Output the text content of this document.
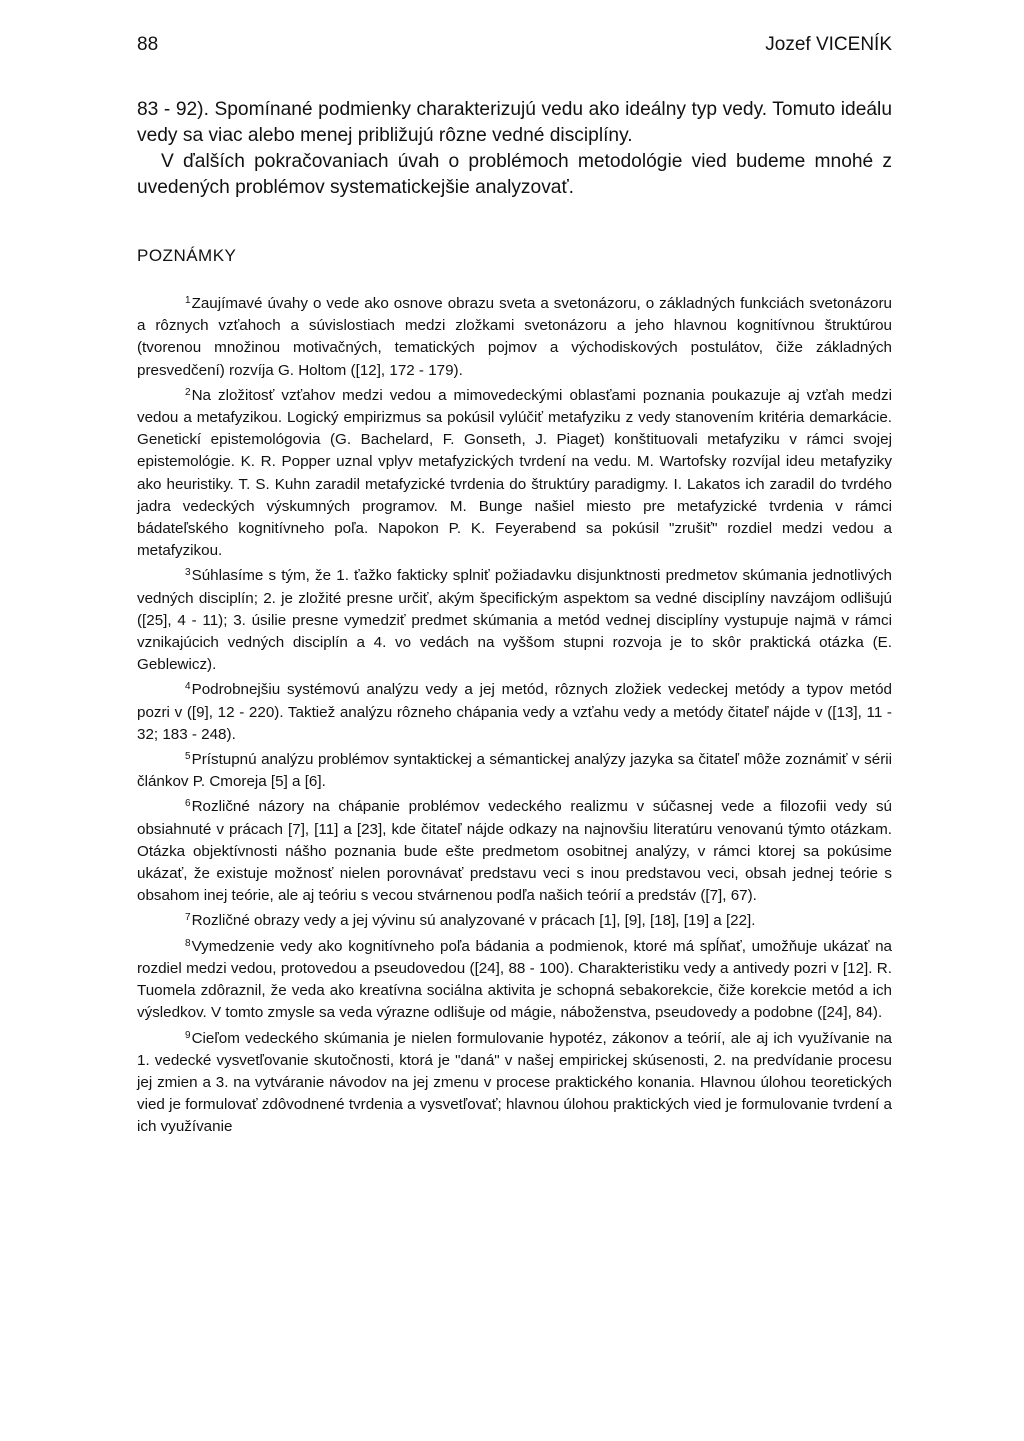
88	Jozef VICENÍK

83 - 92). Spomínané podmienky charakterizujú vedu ako ideálny typ vedy. Tomuto ideálu vedy sa viac alebo menej približujú rôzne vedné disciplíny.

V ďalších pokračovaniach úvah o problémoch metodológie vied budeme mnohé z uvedených problémov systematickejšie analyzovať.

POZNÁMKY

$^1$Zaujímavé úvahy o vede ako osnove obrazu sveta a svetonázoru, o základných funkciách svetonázoru a rôznych vzťahoch a súvislostiach medzi zložkami svetonázoru a jeho hlavnou kognitívnou štruktúrou (tvorenou množinou motivačných, tematických pojmov a východiskových postulátov, čiže základných presvedčení) rozvíja G. Holtom ([12], 172 - 179).

$^2$Na zložitosť vzťahov medzi vedou a mimovedeckými oblasťami poznania poukazuje aj vzťah medzi vedou a metafyzikou. Logický empirizmus sa pokúsil vylúčiť metafyziku z vedy stanovením kritéria demarkácie. Genetickí epistemológovia (G. Bachelard, F. Gonseth, J. Piaget) konštituovali metafyziku v rámci svojej epistemológie. K. R. Popper uznal vplyv metafyzických tvrdení na vedu. M. Wartofsky rozvíjal ideu metafyziky ako heuristiky. T. S. Kuhn zaradil metafyzické tvrdenia do štruktúry paradigmy. I. Lakatos ich zaradil do tvrdého jadra vedeckých výskumných programov. M. Bunge našiel miesto pre metafyzické tvrdenia v rámci bádateľského kognitívneho poľa. Napokon P. K. Feyerabend sa pokúsil "zrušiť" rozdiel medzi vedou a metafyzikou.

$^3$Súhlasíme s tým, že 1. ťažko fakticky splniť požiadavku disjunktnosti predmetov skúmania jednotlivých vedných disciplín; 2. je zložité presne určiť, akým špecifickým aspektom sa vedné disciplíny navzájom odlišujú ([25], 4 - 11); 3. úsilie presne vymedziť predmet skúmania a metód vednej disciplíny vystupuje najmä v rámci vznikajúcich vedných disciplín a 4. vo vedách na vyššom stupni rozvoja je to skôr praktická otázka (E. Geblewicz).

$^4$Podrobnejšiu systémovú analýzu vedy a jej metód, rôznych zložiek vedeckej metódy a typov metód pozri v ([9], 12 - 220). Taktiež analýzu rôzneho chápania vedy a vzťahu vedy a metódy čitateľ nájde v ([13], 11 - 32; 183 - 248).

$^5$Prístupnú analýzu problémov syntaktickej a sémantickej analýzy jazyka sa čitateľ môže zoznámiť v sérii článkov P. Cmoreja [5] a [6].

$^6$Rozličné názory na chápanie problémov vedeckého realizmu v súčasnej vede a filozofii vedy sú obsiahnuté v prácach [7], [11] a [23], kde čitateľ nájde odkazy na najnovšiu literatúru venovanú týmto otázkam. Otázka objektívnosti nášho poznania bude ešte predmetom osobitnej analýzy, v rámci ktorej sa pokúsime ukázať, že existuje možnosť nielen porovnávať predstavu veci s inou predstavou veci, obsah jednej teórie s obsahom inej teórie, ale aj teóriu s vecou stvárnenou podľa našich teórií a predstáv ([7], 67).

$^7$Rozličné obrazy vedy a jej vývinu sú analyzované v prácach [1], [9], [18], [19] a [22].

$^8$Vymedzenie vedy ako kognitívneho poľa bádania a podmienok, ktoré má spĺňať, umožňuje ukázať na rozdiel medzi vedou, protovedou a pseudovedou ([24], 88 - 100). Charakteristiku vedy a antivedy pozri v [12]. R. Tuomela zdôraznil, že veda ako kreatívna sociálna aktivita je schopná sebakorekcie, čiže korekcie metód a ich výsledkov. V tomto zmysle sa veda výrazne odlišuje od mágie, náboženstva, pseudovedy a podobne ([24], 84).

$^9$Cieľom vedeckého skúmania je nielen formulovanie hypotéz, zákonov a teórií, ale aj ich využívanie na 1. vedecké vysvetľovanie skutočnosti, ktorá je "daná" v našej empirickej skúsenosti, 2. na predvídanie procesu jej zmien a 3. na vytváranie návodov na jej zmenu v procese praktického konania. Hlavnou úlohou teoretických vied je formulovať zdôvodnené tvrdenia a vysvetľovať; hlavnou úlohou praktických vied je formulovanie tvrdení a ich využívanie
